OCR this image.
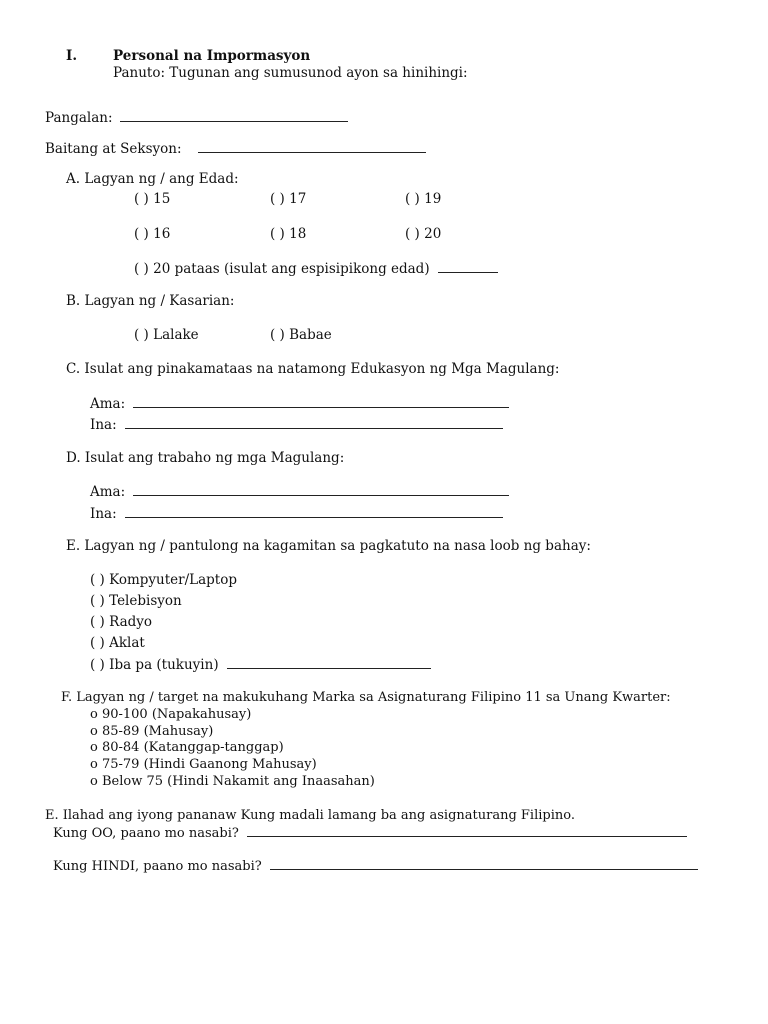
I.	Personal na Impormasyon
Panuto: Tugunan ang sumusunod ayon sa hinihingi:
Pangalan:
Baitang at Seksyon:
A. Lagyan ng / ang Edad:
( ) 15	( ) 17	( ) 19
( ) 16	( ) 18	( ) 20
( ) 20 pataas (isulat ang espisipikong edad)
B. Lagyan ng / Kasarian:
( ) Lalake	( ) Babae
C. Isulat ang pinakamataas na natamong Edukasyon ng Mga Magulang:
Ama:
Ina:
D. Isulat ang trabaho ng mga Magulang:
Ama:
Ina:
E. Lagyan ng / pantulong na kagamitan sa pagkatuto na nasa loob ng bahay:
( ) Kompyuter/Laptop
( ) Telebisyon
( ) Radyo
( ) Aklat
( ) Iba pa (tukuyin)
F. Lagyan ng / target na makukuhang Marka sa Asignaturang Filipino 11 sa Unang Kwarter:
o 90-100 (Napakahusay)
o 85-89 (Mahusay)
o 80-84 (Katanggap-tanggap)
o 75-79 (Hindi Gaanong Mahusay)
o Below 75 (Hindi Nakamit ang Inaasahan)
E. Ilahad ang iyong pananaw Kung madali lamang ba ang asignaturang Filipino.
Kung OO, paano mo nasabi?
Kung HINDI, paano mo nasabi?
